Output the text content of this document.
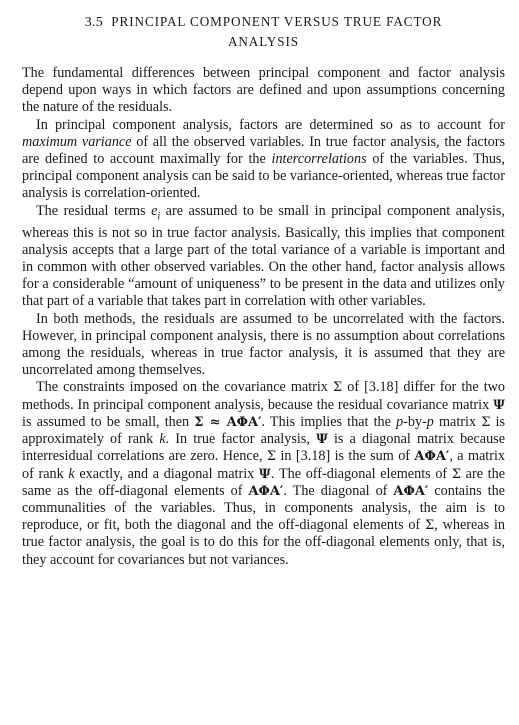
3.5 PRINCIPAL COMPONENT VERSUS TRUE FACTOR ANALYSIS

The fundamental differences between principal component and factor analysis depend upon ways in which factors are defined and upon assumptions concerning the nature of the residuals.

In principal component analysis, factors are determined so as to account for maximum variance of all the observed variables. In true factor analysis, the factors are defined to account maximally for the intercorrelations of the variables. Thus, principal component analysis can be said to be variance-oriented, whereas true factor analysis is correlation-oriented.

The residual terms $e_i$ are assumed to be small in principal component analysis, whereas this is not so in true factor analysis. Basically, this implies that component analysis accepts that a large part of the total variance of a variable is important and in common with other observed variables. On the other hand, factor analysis allows for a considerable “amount of uniqueness” to be present in the data and utilizes only that part of a variable that takes part in correlation with other variables.

In both methods, the residuals are assumed to be uncorrelated with the factors. However, in principal component analysis, there is no assumption about correlations among the residuals, whereas in true factor analysis, it is assumed that they are uncorrelated among themselves.

The constraints imposed on the covariance matrix Σ of [3.18] differ for the two methods. In principal component analysis, because the residual covariance matrix Ψ is assumed to be small, then Σ ≈ AΦA′. This implies that the p-by-p matrix Σ is approximately of rank k. In true factor analysis, Ψ is a diagonal matrix because interresidual correlations are zero. Hence, Σ in [3.18] is the sum of AΦA′, a matrix of rank k exactly, and a diagonal matrix Ψ. The off-diagonal elements of Σ are the same as the off-diagonal elements of AΦA′. The diagonal of AΦA′ contains the communalities of the variables. Thus, in components analysis, the aim is to reproduce, or fit, both the diagonal and the off-diagonal elements of Σ, whereas in true factor analysis, the goal is to do this for the off-diagonal elements only, that is, they account for covariances but not variances.
